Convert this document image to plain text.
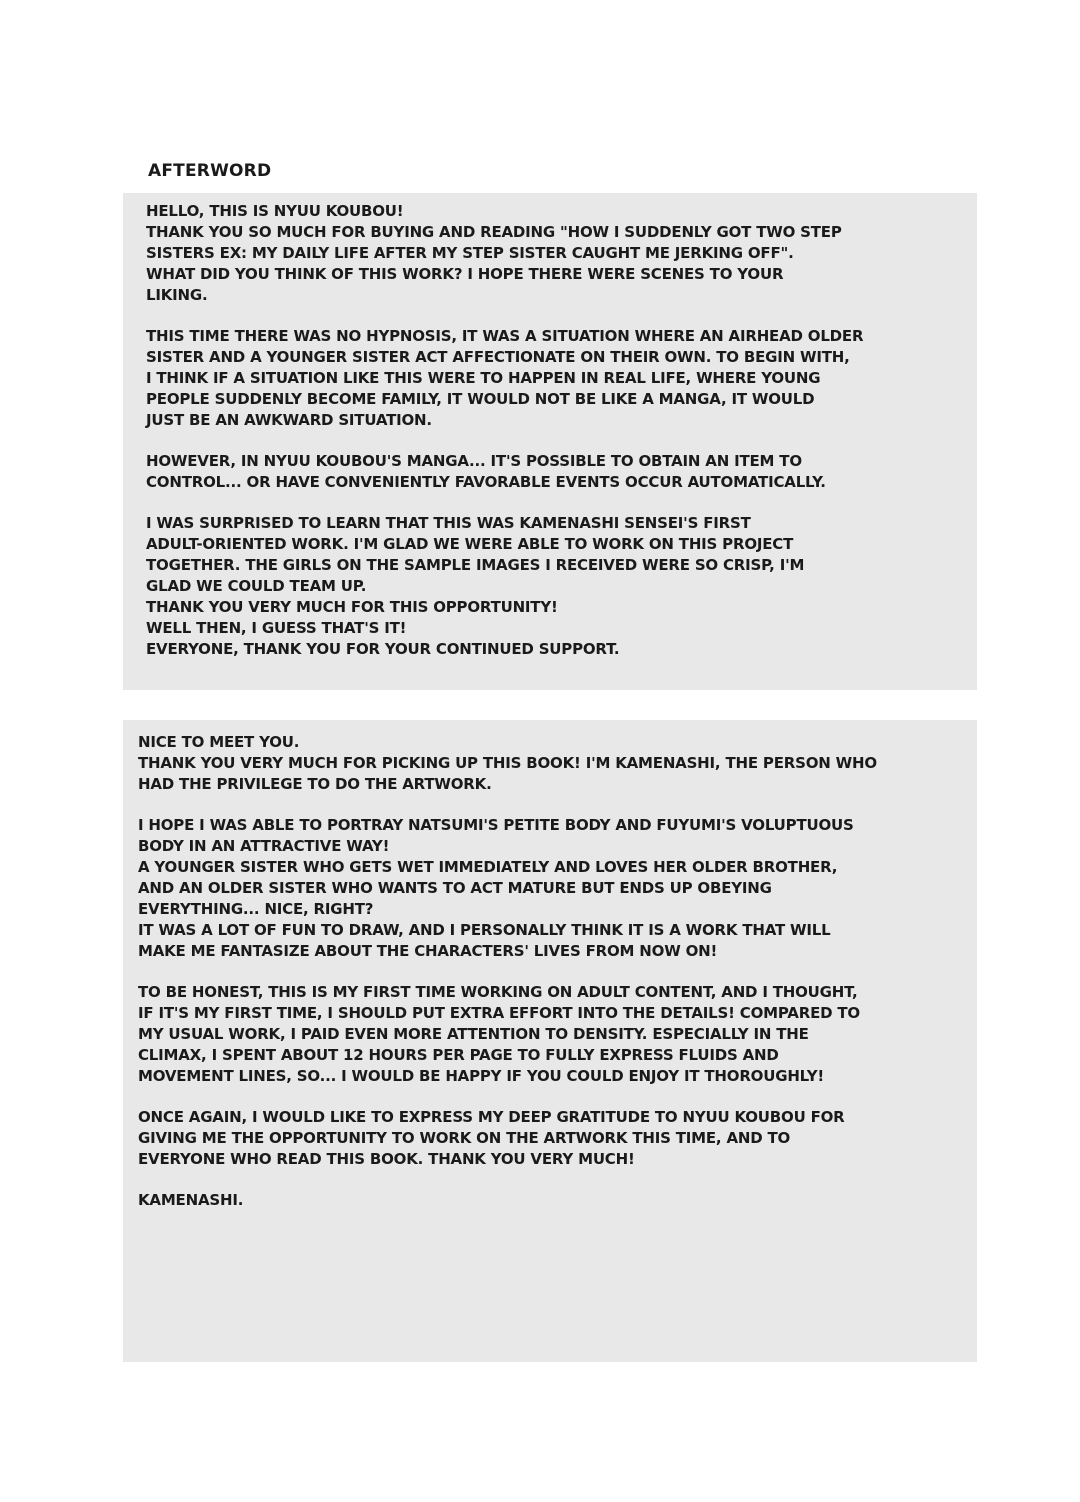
AFTERWORD

HELLO, THIS IS NYUU KOUBOU!
THANK YOU SO MUCH FOR BUYING AND READING "HOW I SUDDENLY GOT TWO STEP
SISTERS EX: MY DAILY LIFE AFTER MY STEP SISTER CAUGHT ME JERKING OFF".
WHAT DID YOU THINK OF THIS WORK? I HOPE THERE WERE SCENES TO YOUR
LIKING.

THIS TIME THERE WAS NO HYPNOSIS, IT WAS A SITUATION WHERE AN AIRHEAD OLDER
SISTER AND A YOUNGER SISTER ACT AFFECTIONATE ON THEIR OWN. TO BEGIN WITH,
I THINK IF A SITUATION LIKE THIS WERE TO HAPPEN IN REAL LIFE, WHERE YOUNG
PEOPLE SUDDENLY BECOME FAMILY, IT WOULD NOT BE LIKE A MANGA, IT WOULD
JUST BE AN AWKWARD SITUATION.

HOWEVER, IN NYUU KOUBOU'S MANGA... IT'S POSSIBLE TO OBTAIN AN ITEM TO
CONTROL... OR HAVE CONVENIENTLY FAVORABLE EVENTS OCCUR AUTOMATICALLY.

I WAS SURPRISED TO LEARN THAT THIS WAS KAMENASHI SENSEI'S FIRST
ADULT-ORIENTED WORK. I'M GLAD WE WERE ABLE TO WORK ON THIS PROJECT
TOGETHER. THE GIRLS ON THE SAMPLE IMAGES I RECEIVED WERE SO CRISP, I'M
GLAD WE COULD TEAM UP.
THANK YOU VERY MUCH FOR THIS OPPORTUNITY!
WELL THEN, I GUESS THAT'S IT!
EVERYONE, THANK YOU FOR YOUR CONTINUED SUPPORT.

NICE TO MEET YOU.
THANK YOU VERY MUCH FOR PICKING UP THIS BOOK! I'M KAMENASHI, THE PERSON WHO
HAD THE PRIVILEGE TO DO THE ARTWORK.

I HOPE I WAS ABLE TO PORTRAY NATSUMI'S PETITE BODY AND FUYUMI'S VOLUPTUOUS
BODY IN AN ATTRACTIVE WAY!
A YOUNGER SISTER WHO GETS WET IMMEDIATELY AND LOVES HER OLDER BROTHER,
AND AN OLDER SISTER WHO WANTS TO ACT MATURE BUT ENDS UP OBEYING
EVERYTHING... NICE, RIGHT?
IT WAS A LOT OF FUN TO DRAW, AND I PERSONALLY THINK IT IS A WORK THAT WILL
MAKE ME FANTASIZE ABOUT THE CHARACTERS' LIVES FROM NOW ON!

TO BE HONEST, THIS IS MY FIRST TIME WORKING ON ADULT CONTENT, AND I THOUGHT,
IF IT'S MY FIRST TIME, I SHOULD PUT EXTRA EFFORT INTO THE DETAILS! COMPARED TO
MY USUAL WORK, I PAID EVEN MORE ATTENTION TO DENSITY. ESPECIALLY IN THE
CLIMAX, I SPENT ABOUT 12 HOURS PER PAGE TO FULLY EXPRESS FLUIDS AND
MOVEMENT LINES, SO... I WOULD BE HAPPY IF YOU COULD ENJOY IT THOROUGHLY!

ONCE AGAIN, I WOULD LIKE TO EXPRESS MY DEEP GRATITUDE TO NYUU KOUBOU FOR
GIVING ME THE OPPORTUNITY TO WORK ON THE ARTWORK THIS TIME, AND TO
EVERYONE WHO READ THIS BOOK. THANK YOU VERY MUCH!

KAMENASHI.
